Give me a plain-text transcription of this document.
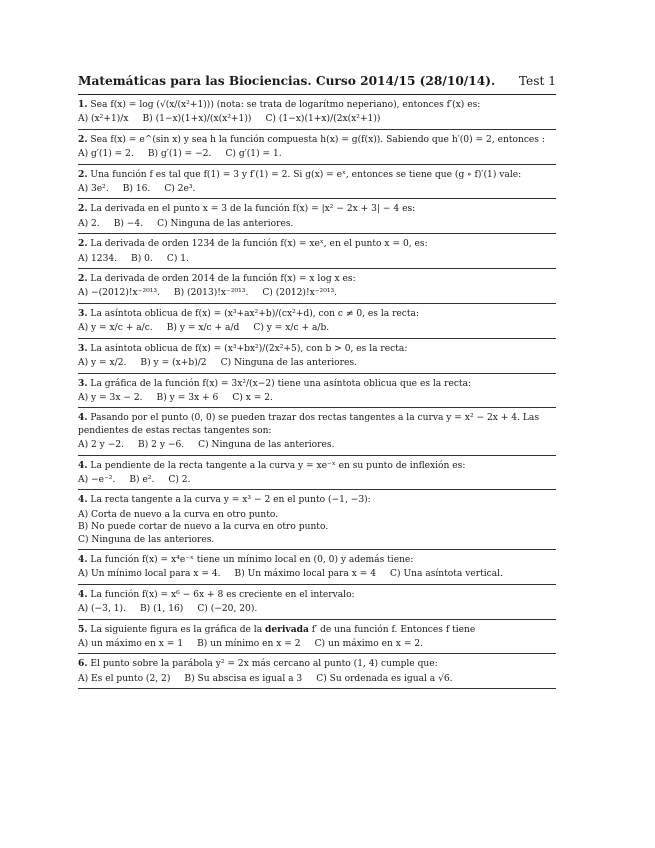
Matemáticas para las Biociencias. Curso 2014/15 (28/10/14). Test 1
1. Sea f(x) = log (√(x/(x²+1))) (nota: se trata de logarítmo neperiano), entonces f′(x) es:
A) (x²+1)/x B) (1−x)(1+x)/(x(x²+1)) C) (1−x)(1+x)/(2x(x²+1))
2. Sea f(x) = e^(sin x) y sea h la función compuesta h(x) = g(f(x)). Sabiendo que h′(0) = 2, entonces :
A) g′(1) = 2. B) g′(1) = −2. C) g′(1) = 1.
2. Una función f es tal que f(1) = 3 y f′(1) = 2. Si g(x) = eˣ, entonces se tiene que (g ∘ f)′(1) vale:
A) 3e². B) 16. C) 2e³.
2. La derivada en el punto x = 3 de la función f(x) = |x² − 2x + 3| − 4 es:
A) 2. B) −4. C) Ninguna de las anteriores.
2. La derivada de orden 1234 de la función f(x) = xeˣ, en el punto x = 0, es:
A) 1234. B) 0. C) 1.
2. La derivada de orden 2014 de la función f(x) = x log x es:
A) −(2012)!x⁻²⁰¹³. B) (2013)!x⁻²⁰¹³. C) (2012)!x⁻²⁰¹³.
3. La asíntota oblicua de f(x) = (x³+ax²+b)/(cx²+d), con c ≠ 0, es la recta:
A) y = x/c + a/c. B) y = x/c + a/d C) y = x/c + a/b.
3. La asíntota oblicua de f(x) = (x³+bx²)/(2x²+5), con b > 0, es la recta:
A) y = x/2. B) y = (x+b)/2 C) Ninguna de las anteriores.
3. La gráfica de la función f(x) = 3x²/(x−2) tiene una asíntota oblicua que es la recta:
A) y = 3x − 2. B) y = 3x + 6 C) x = 2.
4. Pasando por el punto (0, 0) se pueden trazar dos rectas tangentes a la curva y = x² − 2x + 4. Las pendientes de estas rectas tangentes son:
A) 2 y −2. B) 2 y −6. C) Ninguna de las anteriores.
4. La pendiente de la recta tangente a la curva y = xe⁻ˣ en su punto de inflexión es:
A) −e⁻². B) e². C) 2.
4. La recta tangente a la curva y = x³ − 2 en el punto (−1, −3):
A) Corta de nuevo a la curva en otro punto.
B) No puede cortar de nuevo a la curva en otro punto.
C) Ninguna de las anteriores.
4. La función f(x) = x⁴e⁻ˣ tiene un mínimo local en (0, 0) y además tiene:
A) Un mínimo local para x = 4. B) Un máximo local para x = 4 C) Una asíntota vertical.
4. La función f(x) = x⁶ − 6x + 8 es creciente en el intervalo:
A) (−3, 1). B) (1, 16) C) (−20, 20).
5. La siguiente figura es la gráfica de la derivada f′ de una función f. Entonces f tiene
A) un máximo en x = 1 B) un mínimo en x = 2 C) un máximo en x = 2.
6. El punto sobre la parábola y² = 2x más cercano al punto (1, 4) cumple que:
A) Es el punto (2, 2) B) Su abscisa es igual a 3 C) Su ordenada es igual a √6.
